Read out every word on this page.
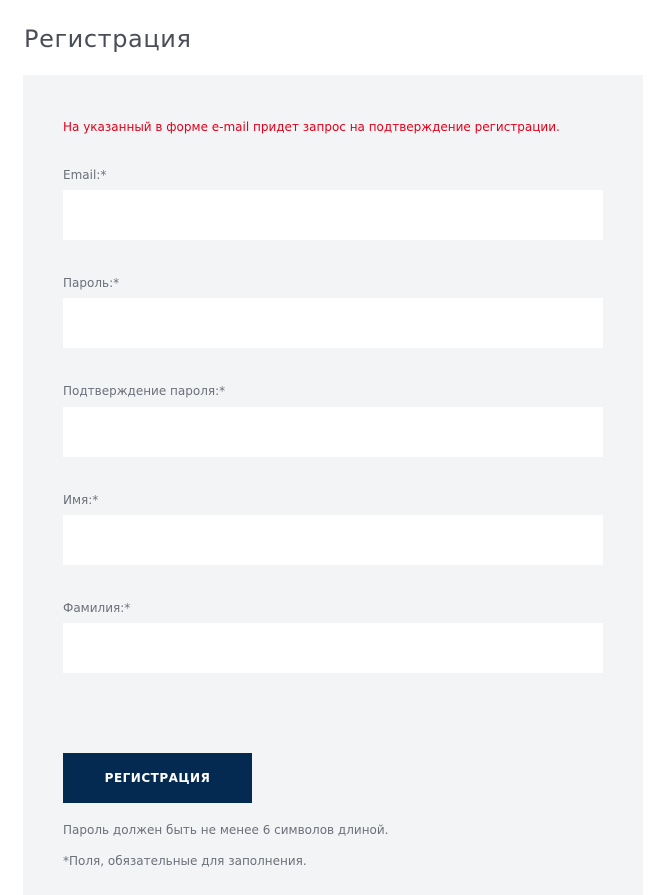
Регистрация
На указанный в форме e-mail придет запрос на подтверждение регистрации.
Email:*
Пароль:*
Подтверждение пароля:*
Имя:*
Фамилия:*
РЕГИСТРАЦИЯ
Пароль должен быть не менее 6 символов длиной.
*Поля, обязательные для заполнения.
